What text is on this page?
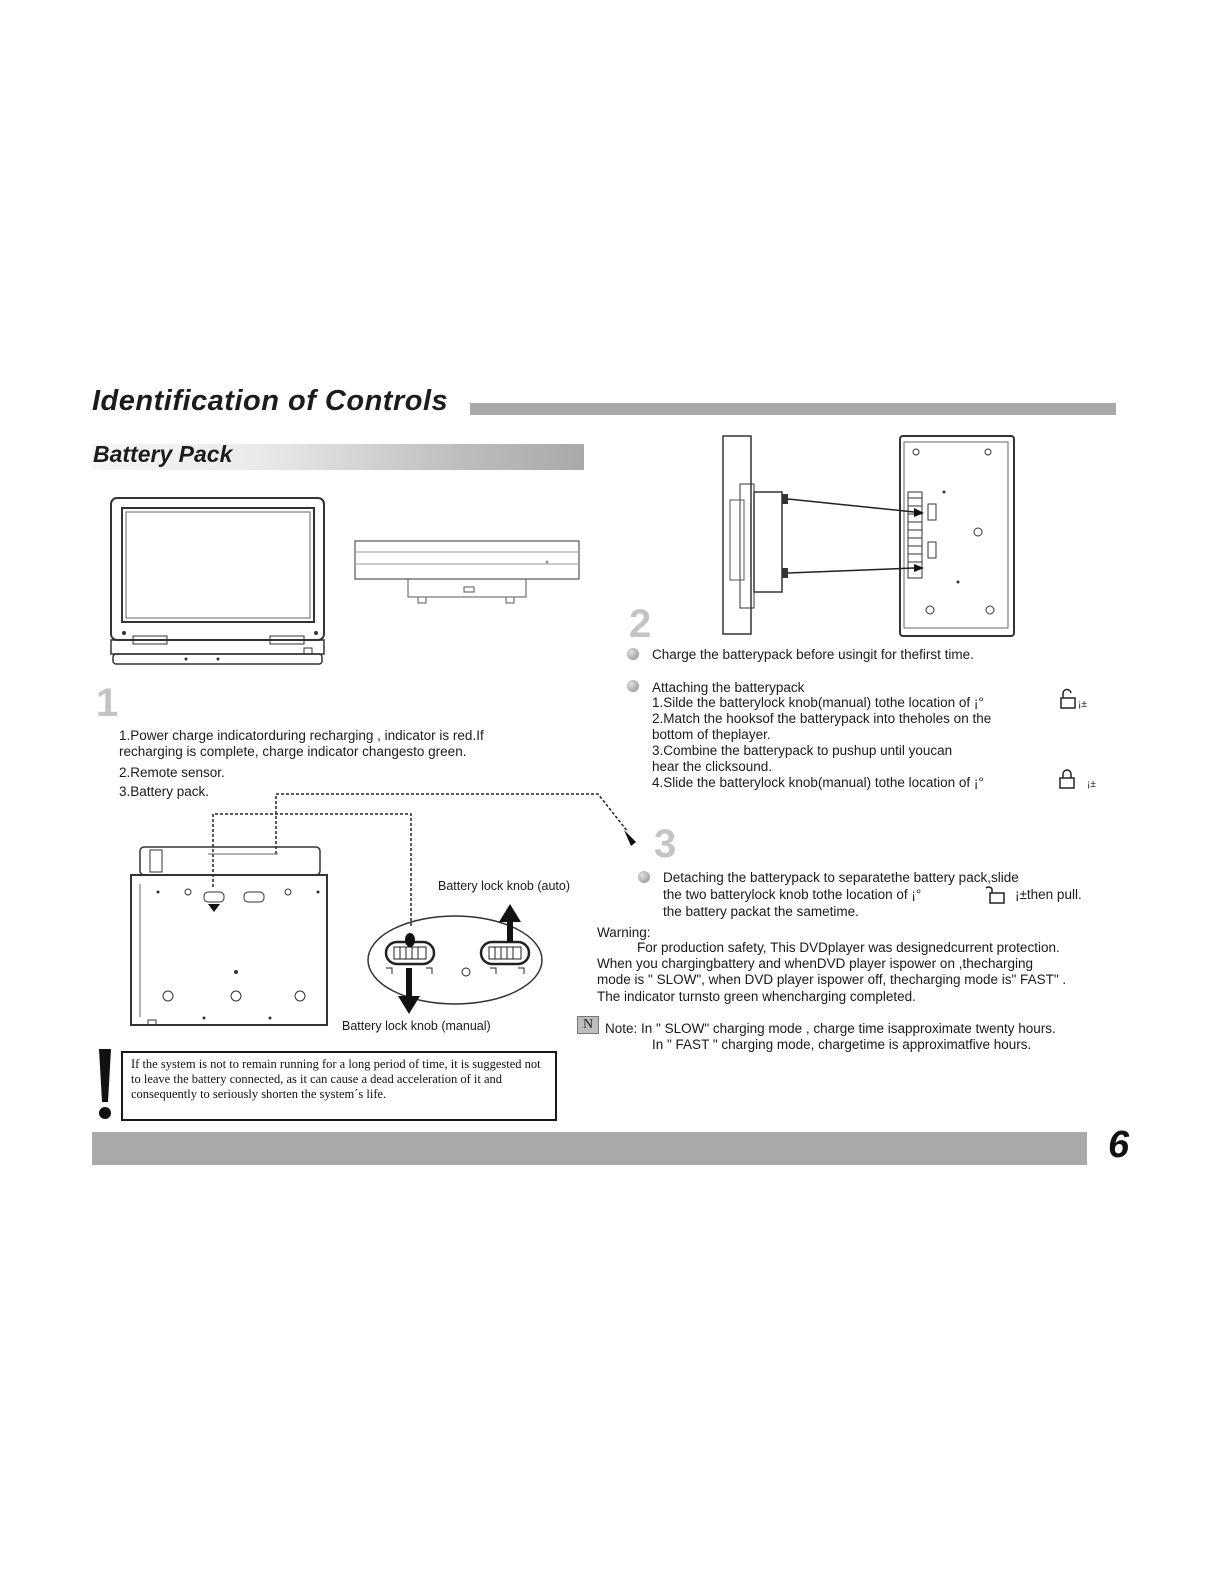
Identification of Controls
Battery Pack
1
1.Power charge indicatorduring recharging , indicator is red.If
recharging is complete, charge indicator changesto green.
2.Remote sensor.
3.Battery pack.
Battery lock knob (auto)
Battery lock knob (manual)
If the system is not to remain running for a long period of time, it is suggested not to leave the battery connected, as it can cause a dead acceleration of it and consequently to seriously shorten the system´s life.
2
Charge the batterypack before usingit for thefirst time.
Attaching the batterypack
1.Silde the batterylock knob(manual) tothe location of ¡°	¡±
2.Match the hooksof the batterypack into theholes on the
bottom of theplayer.
3.Combine the batterypack to pushup until youcan
hear the clicksound.
4.Slide the batterylock knob(manual) tothe location of ¡°	¡±
3
Detaching the batterypack to separatethe battery pack,slide
the two batterylock knob tothe location of ¡°	¡±then pull.
the battery packat the sametime.
Warning:
For production safety, This DVDplayer was designedcurrent protection.
When you chargingbattery and whenDVD player ispower on ,thecharging
mode is " SLOW", when DVD player ispower off, thecharging mode is" FAST" .
The indicator turnsto green whencharging completed.
N Note: In " SLOW" charging mode , charge time isapproximate twenty hours.
In " FAST " charging mode, chargetime is approximatfive hours.
6
